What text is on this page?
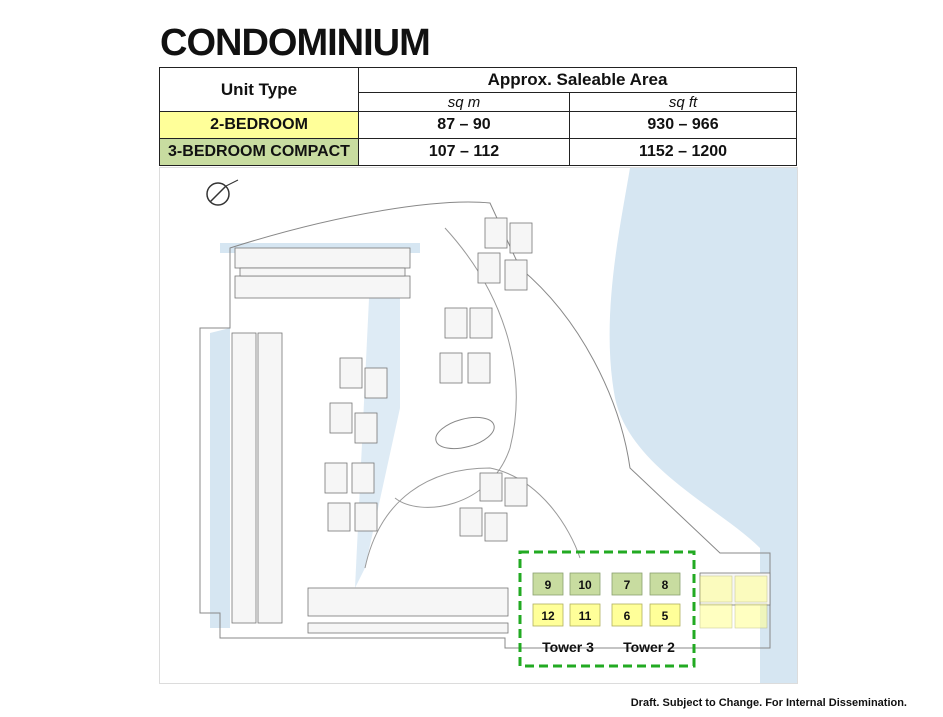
CONDOMINIUM
Unit Type	Approx. Saleable Area	
	sq m	sq ft
2-BEDROOM	87 – 90	930 – 966
3-BEDROOM COMPACT	107 – 112	1152 – 1200
9 10	7	8
12 11	6	5
Tower 3 Tower 2
Draft. Subject to Change. For Internal Dissemination.
